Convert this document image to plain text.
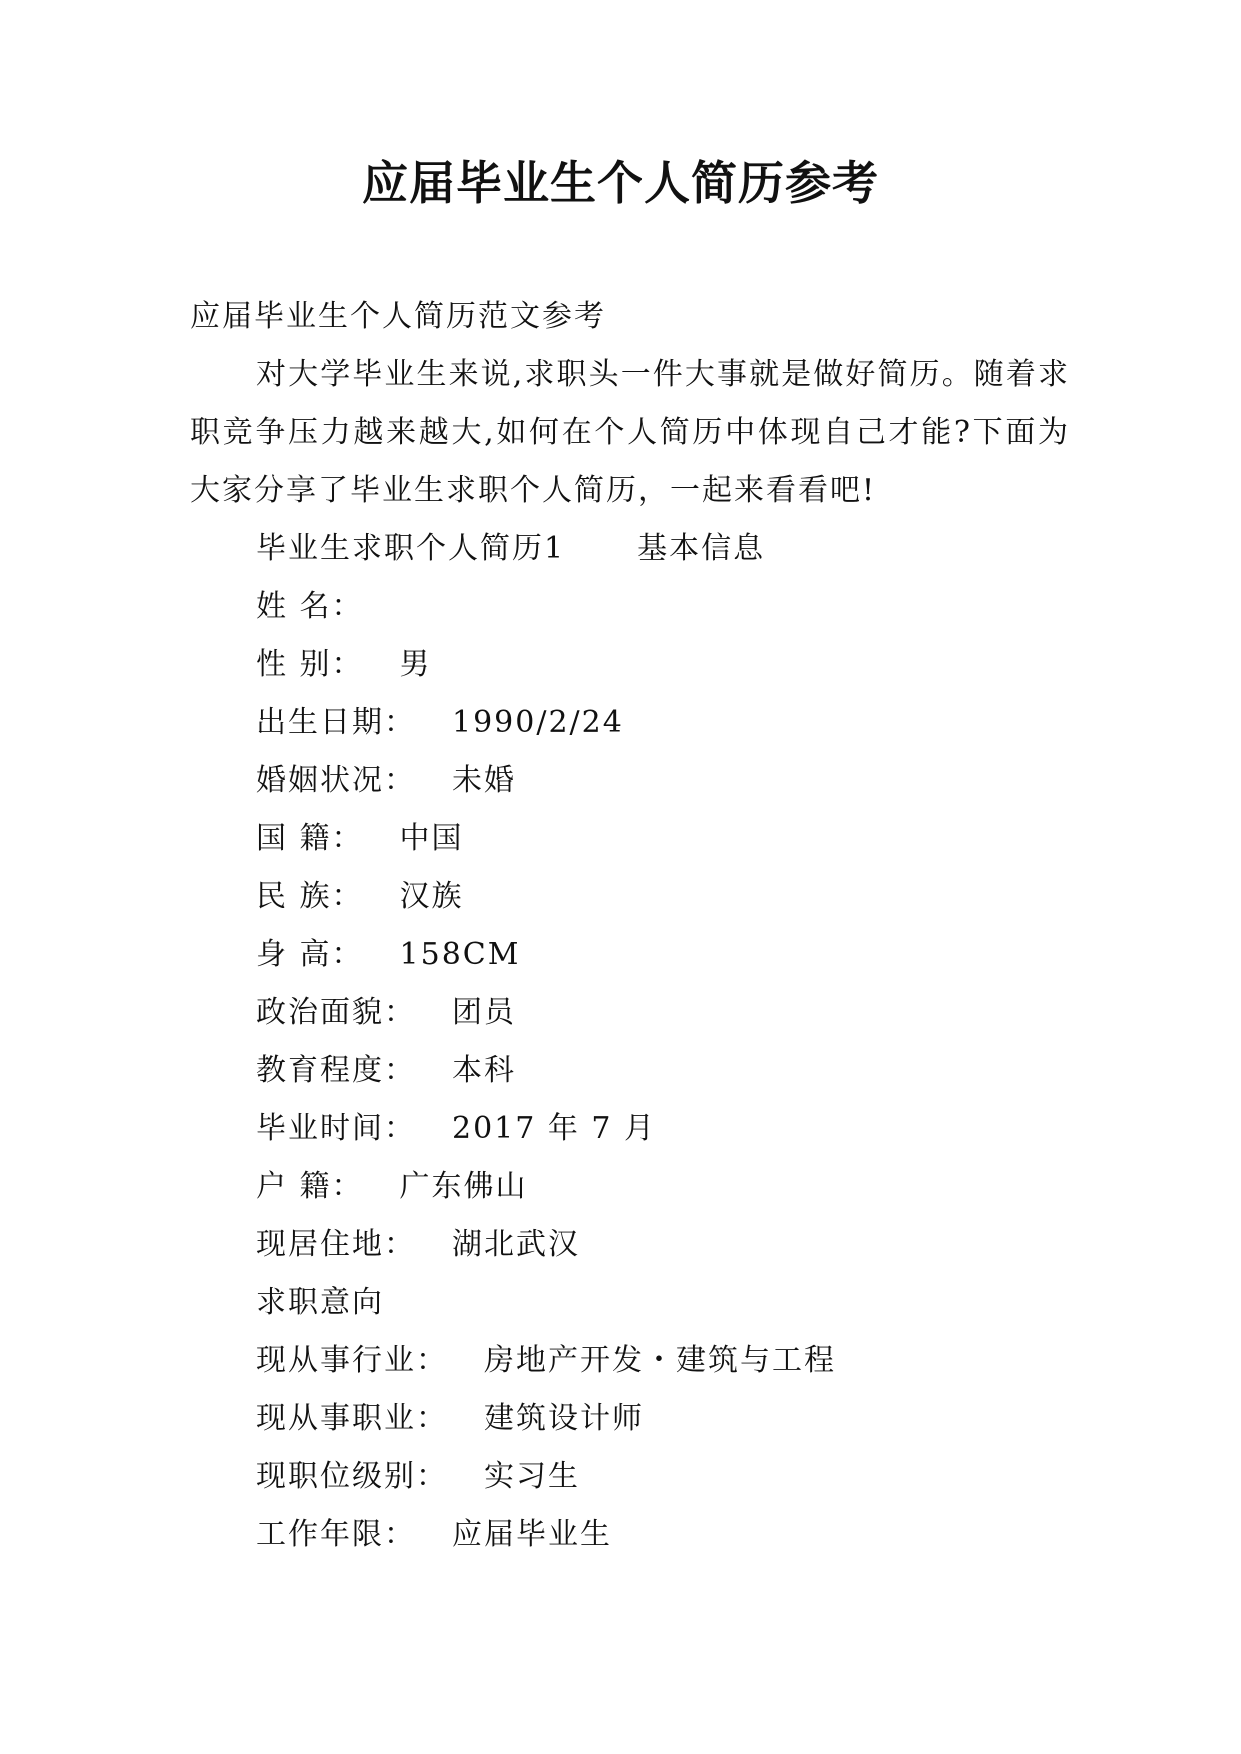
应届毕业生个人简历参考
应届毕业生个人简历范文参考
对大学毕业生来说,求职头一件大事就是做好简历。随着求职竞争压力越来越大,如何在个人简历中体现自己才能?下面为大家分享了毕业生求职个人简历，一起来看看吧!
毕业生求职个人简历1 基本信息
姓 名：
性 别： 男
出生日期： 1990/2/24
婚姻状况： 未婚
国 籍： 中国
民 族： 汉族
身 高： 158CM
政治面貌： 团员
教育程度： 本科
毕业时间： 2017 年 7 月
户 籍： 广东佛山
现居住地： 湖北武汉
求职意向
现从事行业： 房地产开发・建筑与工程
现从事职业： 建筑设计师
现职位级别： 实习生
工作年限： 应届毕业生
